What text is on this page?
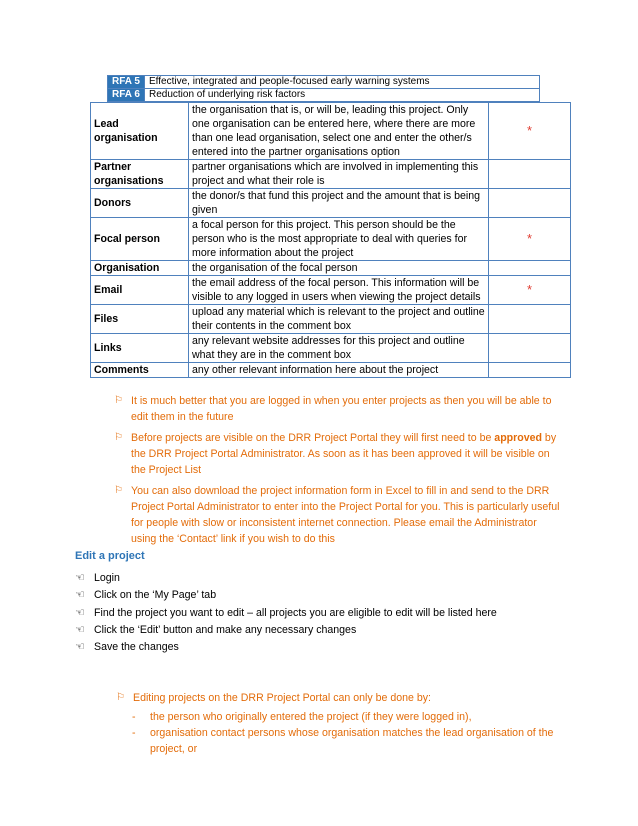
RFA 5	Effective, integrated and people-focused early warning systems
RFA 6	Reduction of underlying risk factors
Lead organisation	the organisation that is, or will be, leading this project. Only one organisation can be entered here, where there are more than one lead organisation, select one and enter the other/s entered into the partner organisations option	*
Partner organisations	partner organisations which are involved in implementing this project and what their role is	
Donors	the donor/s that fund this project and the amount that is being given	
Focal person	a focal person for this project. This person should be the person who is the most appropriate to deal with queries for more information about the project	*
Organisation	the organisation of the focal person	
Email	the email address of the focal person. This information will be visible to any logged in users when viewing the project details	*
Files	upload any material which is relevant to the project and outline their contents in the comment box	
Links	any relevant website addresses for this project and outline what they are in the comment box	
Comments	any other relevant information here about the project	
⚐ It is much better that you are logged in when you enter projects as then you will be able to edit them in the future
⚐ Before projects are visible on the DRR Project Portal they will first need to be approved by the DRR Project Portal Administrator. As soon as it has been approved it will be visible on the Project List
⚐ You can also download the project information form in Excel to fill in and send to the DRR Project Portal Administrator to enter into the Project Portal for you. This is particularly useful for people with slow or inconsistent internet connection. Please email the Administrator using the ‘Contact’ link if you wish to do this
Edit a project
☜ Login
☜ Click on the ‘My Page’ tab
☜ Find the project you want to edit – all projects you are eligible to edit will be listed here
☜ Click the ‘Edit’ button and make any necessary changes
☜ Save the changes
⚐ Editing projects on the DRR Project Portal can only be done by:
- the person who originally entered the project (if they were logged in),
- organisation contact persons whose organisation matches the lead organisation of the project, or
